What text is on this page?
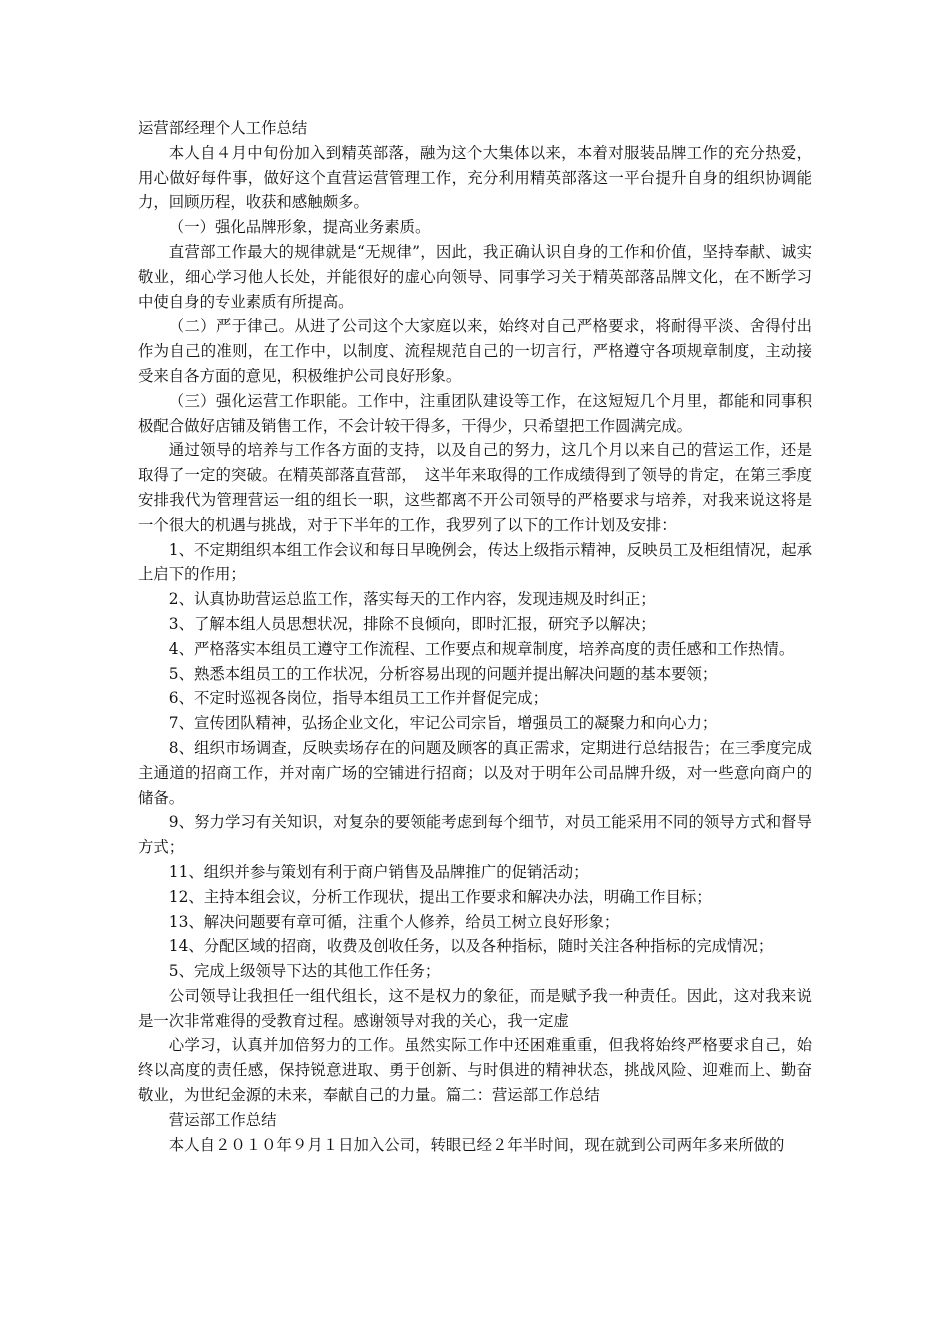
运营部经理个人工作总结

本人自４月中旬份加入到精英部落，融为这个大集体以来，本着对服装品牌工作的充分热爱，用心做好每件事，做好这个直营运营管理工作，充分利用精英部落这一平台提升自身的组织协调能力，回顾历程，收获和感触颇多。

（一）强化品牌形象，提高业务素质。

直营部工作最大的规律就是“无规律”，因此，我正确认识自身的工作和价值，坚持奉献、诚实敬业，细心学习他人长处，并能很好的虚心向领导、同事学习关于精英部落品牌文化，在不断学习中使自身的专业素质有所提高。

（二）严于律己。从进了公司这个大家庭以来，始终对自己严格要求，将耐得平淡、舍得付出作为自己的准则，在工作中，以制度、流程规范自己的一切言行，严格遵守各项规章制度，主动接受来自各方面的意见，积极维护公司良好形象。

（三）强化运营工作职能。工作中，注重团队建设等工作，在这短短几个月里，都能和同事积极配合做好店铺及销售工作，不会计较干得多，干得少，只希望把工作圆满完成。

通过领导的培养与工作各方面的支持，以及自己的努力，这几个月以来自己的营运工作，还是取得了一定的突破。在精英部落直营部，　这半年来取得的工作成绩得到了领导的肯定，在第三季度安排我代为管理营运一组的组长一职，这些都离不开公司领导的严格要求与培养，对我来说这将是一个很大的机遇与挑战，对于下半年的工作，我罗列了以下的工作计划及安排：

1、不定期组织本组工作会议和每日早晚例会，传达上级指示精神，反映员工及柜组情况，起承上启下的作用；

2、认真协助营运总监工作，落实每天的工作内容，发现违规及时纠正；

3、了解本组人员思想状况，排除不良倾向，即时汇报，研究予以解决；

4、严格落实本组员工遵守工作流程、工作要点和规章制度，培养高度的责任感和工作热情。

5、熟悉本组员工的工作状况，分析容易出现的问题并提出解决问题的基本要领；

6、不定时巡视各岗位，指导本组员工工作并督促完成；

7、宣传团队精神，弘扬企业文化，牢记公司宗旨，增强员工的凝聚力和向心力；

8、组织市场调查，反映卖场存在的问题及顾客的真正需求，定期进行总结报告；在三季度完成主通道的招商工作，并对南广场的空铺进行招商；以及对于明年公司品牌升级，对一些意向商户的储备。

9、努力学习有关知识，对复杂的要领能考虑到每个细节，对员工能采用不同的领导方式和督导方式；

11、组织并参与策划有利于商户销售及品牌推广的促销活动；

12、主持本组会议，分析工作现状，提出工作要求和解决办法，明确工作目标；

13、解决问题要有章可循，注重个人修养，给员工树立良好形象；

14、分配区域的招商，收费及创收任务，以及各种指标，随时关注各种指标的完成情况；

5、完成上级领导下达的其他工作任务；

公司领导让我担任一组代组长，这不是权力的象征，而是赋予我一种责任。因此，这对我来说是一次非常难得的受教育过程。感谢领导对我的关心，我一定虚

心学习，认真并加倍努力的工作。虽然实际工作中还困难重重，但我将始终严格要求自己，始终以高度的责任感，保持锐意进取、勇于创新、与时俱进的精神状态，挑战风险、迎难而上、勤奋敬业，为世纪金源的未来，奉献自己的力量。篇二：营运部工作总结

营运部工作总结

本人自２０１０年９月１日加入公司，转眼已经２年半时间，现在就到公司两年多来所做的
